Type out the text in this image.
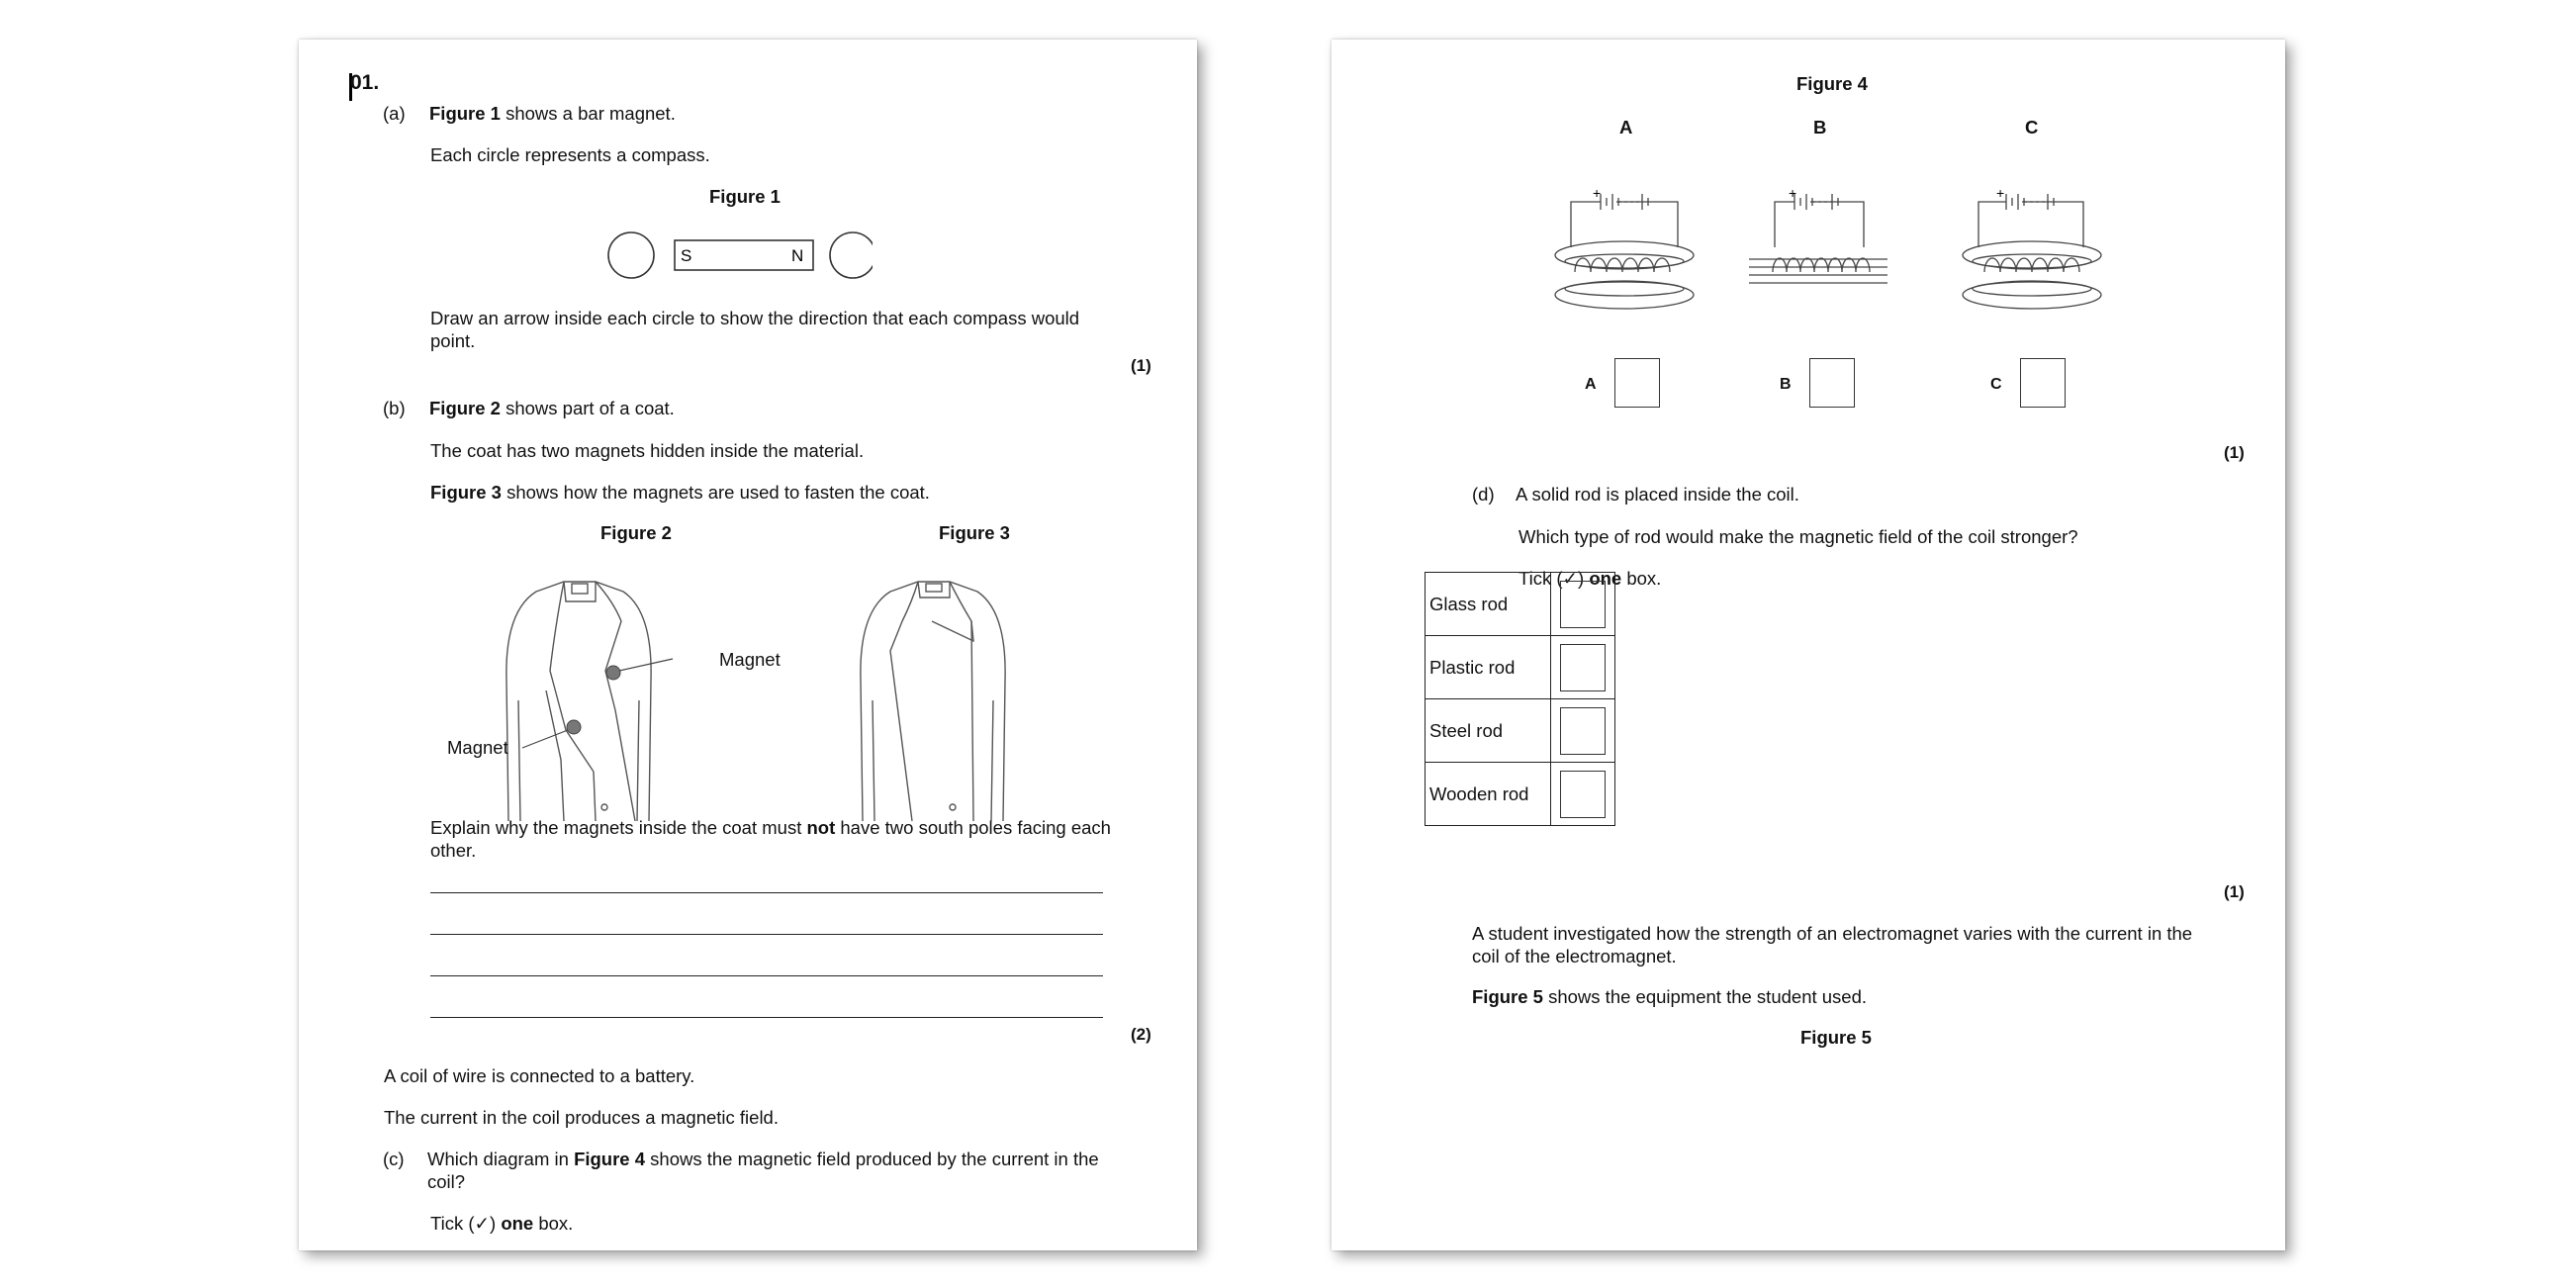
01.
(a) Figure 1 shows a bar magnet.
Each circle represents a compass.
Figure 1
S	N
Draw an arrow inside each circle to show the direction that each compass would point.
(1)
(b) Figure 2 shows part of a coat.
The coat has two magnets hidden inside the material.
Figure 3 shows how the magnets are used to fasten the coat.
Figure 2	Figure 3
Magnet
Magnet
Explain why the magnets inside the coat must not have two south poles facing each other.
(2)
A coil of wire is connected to a battery.
The current in the coil produces a magnetic field.
(c) Which diagram in Figure 4 shows the magnetic field produced by the current in the coil?
Tick (✓) one box.
Figure 4
A	B	C
+	+	+
A	B	C
(1)
(d) A solid rod is placed inside the coil.
Which type of rod would make the magnetic field of the coil stronger?
Tick (✓) one box.
Glass rod	
Plastic rod	
Steel rod	
Wooden rod	
(1)
A student investigated how the strength of an electromagnet varies with the current in the coil of the electromagnet.
Figure 5 shows the equipment the student used.
Figure 5
